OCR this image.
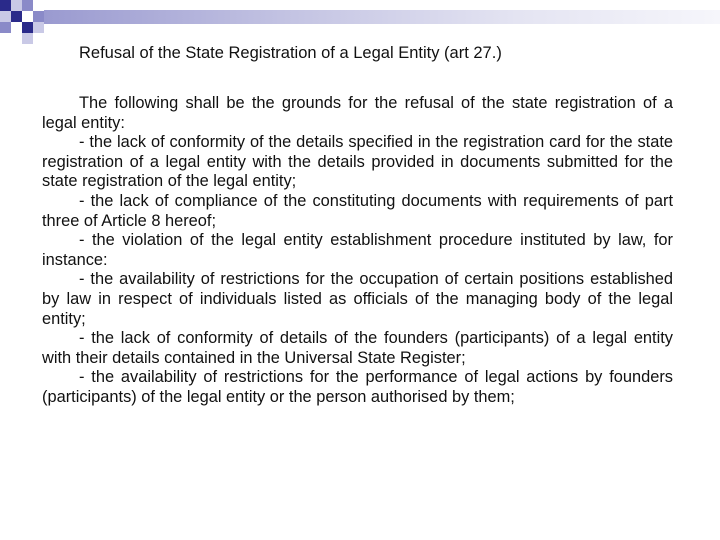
Refusal of the State Registration of a Legal Entity (art 27.)

The following shall be the grounds for the refusal of the state registration of a legal entity:

- the lack of conformity of the details specified in the registration card for the state registration of a legal entity with the details provided in documents submitted for the state registration of the legal entity;

- the lack of compliance of the constituting documents with requirements of part three of Article 8 hereof;

- the violation of the legal entity establishment procedure instituted by law, for instance:

- the availability of restrictions for the occupation of certain positions established by law in respect of individuals listed as officials of the managing body of the legal entity;

- the lack of conformity of details of the founders (participants) of a legal entity with their details contained in the Universal State Register;

- the availability of restrictions for the performance of legal actions by founders (participants) of the legal entity or the person authorised by them;
